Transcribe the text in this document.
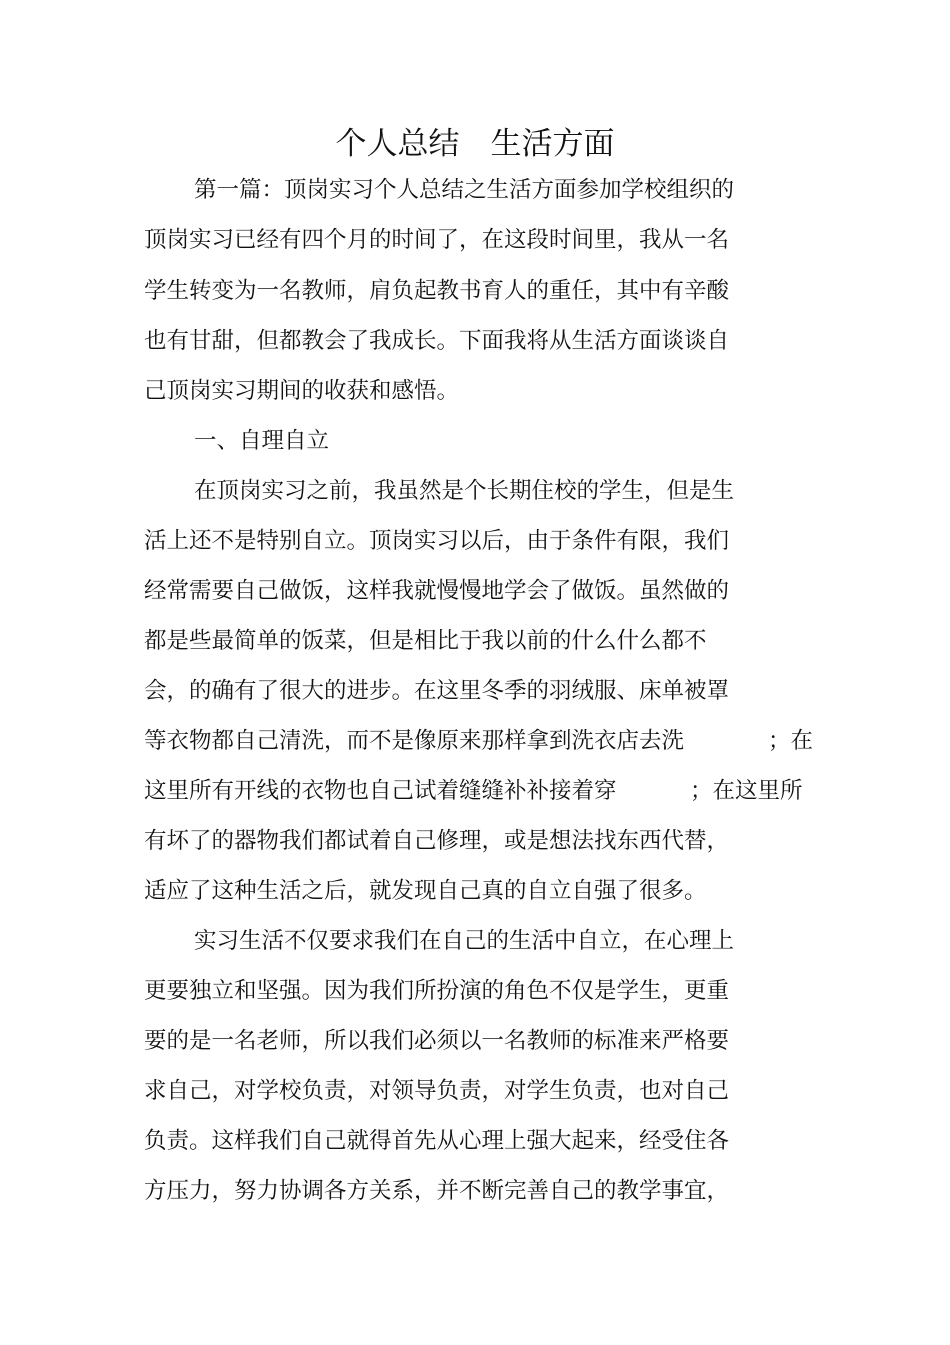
个人总结　生活方面
第一篇：顶岗实习个人总结之生活方面参加学校组织的
顶岗实习已经有四个月的时间了，在这段时间里，我从一名
学生转变为一名教师，肩负起教书育人的重任，其中有辛酸
也有甘甜，但都教会了我成长。下面我将从生活方面谈谈自
己顶岗实习期间的收获和感悟。
一、自理自立
在顶岗实习之前，我虽然是个长期住校的学生，但是生
活上还不是特别自立。顶岗实习以后，由于条件有限，我们
经常需要自己做饭，这样我就慢慢地学会了做饭。虽然做的
都是些最简单的饭菜，但是相比于我以前的什么什么都不
会，的确有了很大的进步。在这里冬季的羽绒服、床单被罩
等衣物都自己清洗，而不是像原来那样拿到洗衣店去洗	；在
这里所有开线的衣物也自己试着缝缝补补接着穿	；在这里所
有坏了的器物我们都试着自己修理，或是想法找东西代替，
适应了这种生活之后，就发现自己真的自立自强了很多。
实习生活不仅要求我们在自己的生活中自立，在心理上
更要独立和坚强。因为我们所扮演的角色不仅是学生，更重
要的是一名老师，所以我们必须以一名教师的标准来严格要
求自己，对学校负责，对领导负责，对学生负责，也对自己
负责。这样我们自己就得首先从心理上强大起来，经受住各
方压力，努力协调各方关系，并不断完善自己的教学事宜，
